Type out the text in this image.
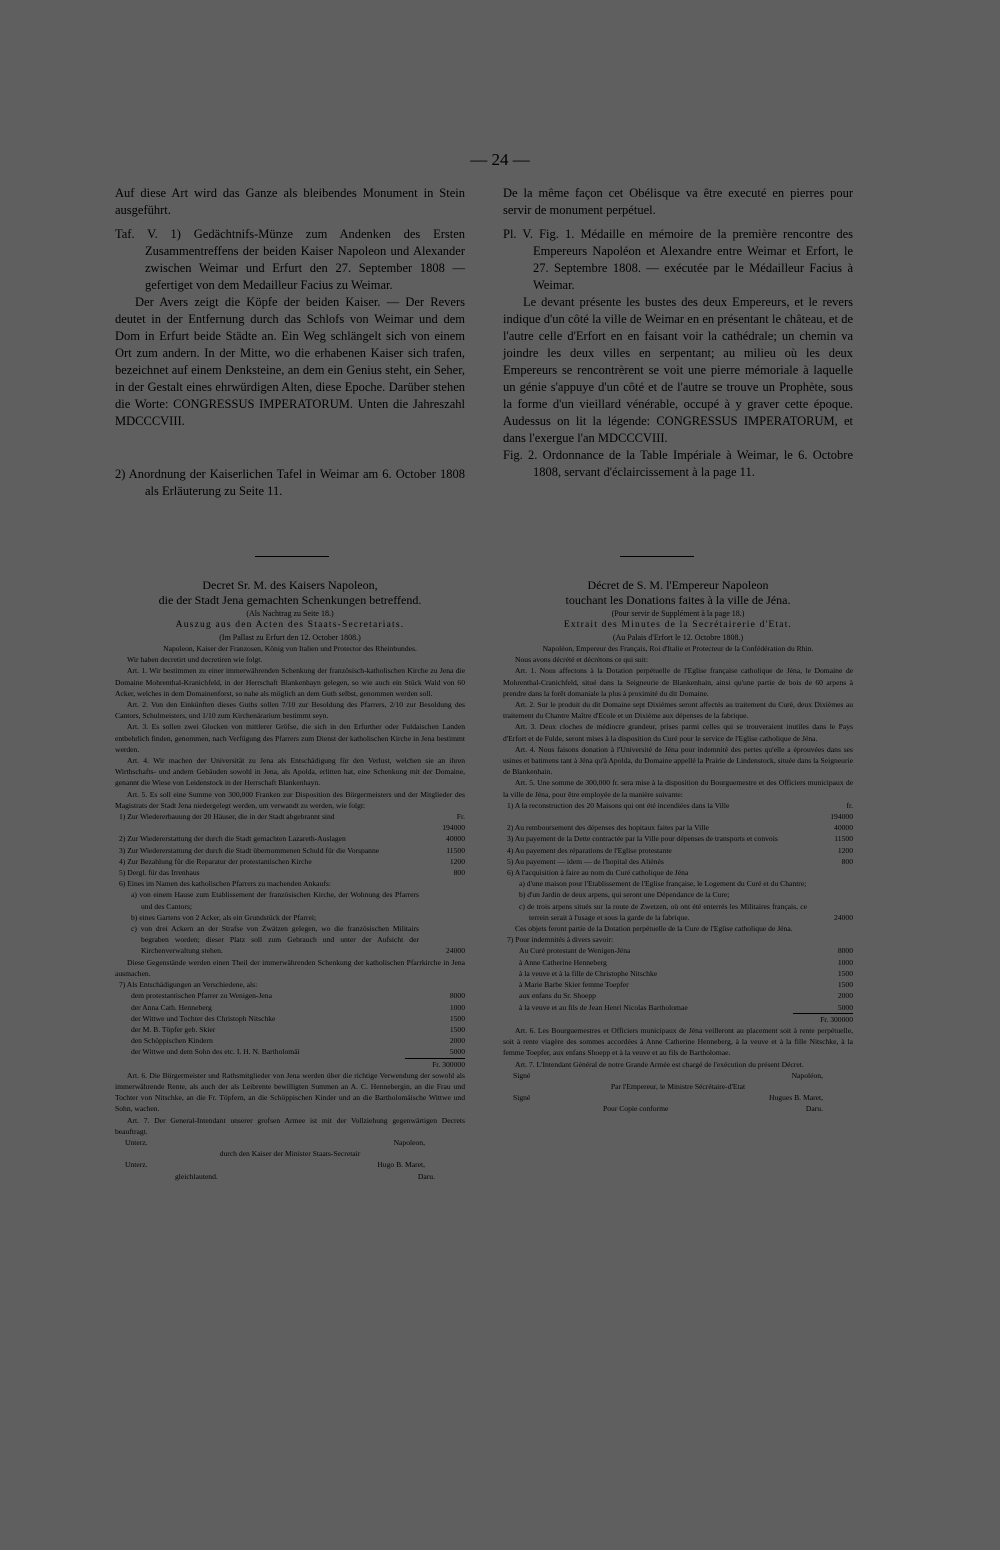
— 24 —

Auf diese Art wird das Ganze als bleibendes Monument in Stein ausgeführt.

Taf. V. 1) Gedächtnifs-Münze zum Andenken des Ersten Zusammentreffens der beiden Kaiser Napoleon und Alexander zwischen Weimar und Erfurt den 27. September 1808 — gefertiget von dem Medailleur Facius zu Weimar.

Der Avers zeigt die Köpfe der beiden Kaiser. — Der Revers deutet in der Entfernung durch das Schlofs von Weimar und dem Dom in Erfurt beide Städte an. Ein Weg schlängelt sich von einem Ort zum andern. In der Mitte, wo die erhabenen Kaiser sich trafen, bezeichnet auf einem Denksteine, an dem ein Genius steht, ein Seher, in der Gestalt eines ehrwürdigen Alten, diese Epoche. Darüber stehen die Worte: CONGRESSUS IMPERATORUM. Unten die Jahreszahl MDCCCVIII.

2) Anordnung der Kaiserlichen Tafel in Weimar am 6. October 1808 als Erläuterung zu Seite 11.

De la même façon cet Obélisque va être executé en pierres pour servir de monument perpétuel.

Pl. V. Fig. 1. Médaille en mémoire de la première rencontre des Empereurs Napoléon et Alexandre entre Weimar et Erfort, le 27. Septembre 1808. — exécutée par le Médailleur Facius à Weimar.

Le devant présente les bustes des deux Empereurs, et le revers indique d'un côté la ville de Weimar en en présentant le château, et de l'autre celle d'Erfort en en faisant voir la cathédrale; un chemin va joindre les deux villes en serpentant; au milieu où les deux Empereurs se rencontrèrent se voit une pierre mémoriale à laquelle un génie s'appuye d'un côté et de l'autre se trouve un Prophète, sous la forme d'un vieillard vénérable, occupé à y graver cette époque. Audessus on lit la légende: CONGRESSUS IMPERATORUM, et dans l'exergue l'an MDCCCVIII.

Fig. 2. Ordonnance de la Table Impériale à Weimar, le 6. Octobre 1808, servant d'éclaircissement à la page 11.

Decret Sr. M. des Kaisers Napoleon,
die der Stadt Jena gemachten Schenkungen betreffend.
(Als Nachtrag zu Seite 18.)
Auszug aus den Acten des Staats-Secretariats.
(Im Pallast zu Erfurt den 12. October 1808.)

Napoleon, Kaiser der Franzosen, König von Italien und Protector des Rheinbundes.

Wir haben decretirt und decretiren wie folgt.

Art. 1. Wir bestimmen zu einer immerwährenden Schenkung der französisch-katholischen Kirche zu Jena die Domaine Mohrenthal-Kranichfeld, in der Herrschaft Blankenhayn gelegen, so wie auch ein Stück Wald von 60 Acker, welches in dem Domainenforst, so nahe als möglich an dem Guth selbst, genommen werden soll.

Art. 2. Von den Einkünften dieses Guths sollen 7/10 zur Besoldung des Pfarrers, 2/10 zur Besoldung des Cantors, Schulmeisters, und 1/10 zum Kirchenärarium bestimmt seyn.

Art. 3. Es sollen zwei Glocken von mittlerer Gröfse, die sich in den Erfurther oder Fuldaischen Landen entbehrlich finden, genommen, nach Verfügung des Pfarrers zum Dienst der katholischen Kirche in Jena bestimmt werden.

Art. 4. Wir machen der Universität zu Jena als Entschädigung für den Verlust, welchen sie an ihren Wirthschafts- und andern Gebäuden sowohl in Jena, als Apolda, erlitten hat, eine Schenkung mit der Domaine, genannt die Wiese von Leidenstock in der Herrschaft Blankenhayn.

Art. 5. Es soll eine Summe von 300,000 Franken zur Disposition des Bürgermeisters und der Mitglieder des Magistrats der Stadt Jena niedergelegt werden, um verwandt zu werden, wie folgt:

1) Zur Wiedererbauung der 20 Häuser, die in der Stadt abgebrannt sind	Fr.
194000
2) Zur Wiedererstattung der durch die Stadt gemachten Lazareth-Auslagen	40000
3) Zur Wiedererstattung der durch die Stadt übernommenen Schuld für die Vorspanne	11500
4) Zur Bezahlung für die Reparatur der protestantischen Kirche	1200
5) Dergl. für das Irrenhaus	800
6) Eines im Namen des katholischen Pfarrers zu machenden Ankaufs:

a) von einem Hause zum Etablissement der französischen Kirche, der Wohnung des Pfarrers und des Cantors;

b) eines Gartens von 2 Acker, als ein Grundstück der Pfarrei;

c) von drei Ackern an der Strafse von Zwätzen gelegen, wo die französischen Militairs begraben worden; dieser Platz soll zum Gebrauch und unter der Aufsicht der Kirchenverwaltung stehen.	24000

Diese Gegenstände werden einen Theil der immerwährenden Schenkung der katholischen Pfarrkirche in Jena ausmachen.

7) Als Entschädigungen an Verschiedene, als:

dem protestantischen Pfarrer zu Wenigen-Jena	8000
der Anna Cath. Henneberg	1000
der Wittwe und Tochter des Christoph Nitschke	1500
der M. B. Töpfer geb. Skier	1500
den Schöppischen Kindern	2000
der Wittwe und dem Sohn des etc. I. H. N. Bartholomäi	5000
Fr. 300000

Art. 6. Die Bürgermeister und Rathsmitglieder von Jena werden über die richtige Verwendung der sowohl als immerwährende Rente, als auch der als Leibrente bewilligten Summen an A. C. Hennebergin, an die Frau und Tochter von Nitschke, an die Fr. Töpfern, an die Schöppischen Kinder und an die Bartholomäische Wittwe und Sohn, wachen.

Art. 7. Der General-Intendant unserer grofsen Armee ist mit der Vollziehung gegenwärtigen Decrets beauftragt.

Unterz.	Napoleon,
durch den Kaiser der Minister Staats-Secretair
Unterz.	Hugo B. Maret,
gleichlautend.	Daru.
Décret de S. M. l'Empereur Napoleon
touchant les Donations faites à la ville de Jéna.
(Pour servir de Supplément à la page 18.)
Extrait des Minutes de la Secrétairerie d'Etat.
(Au Palais d'Erfort le 12. Octobre 1808.)

Napoléon, Empereur des Français, Roi d'Italie et Protecteur de la Confédération du Rhin.

Nous avons décrété et décrétons ce qui suit:

Art. 1. Nous affectons à la Dotation perpétuelle de l'Eglise française catholique de Jéna, le Domaine de Mohrenthal-Cranichfeld, situé dans la Seigneurie de Blankenhain, ainsi qu'une partie de bois de 60 arpens à prendre dans la forêt domaniale la plus à proximité du dit Domaine.

Art. 2. Sur le produit du dit Domaine sept Dixièmes seront affectés au traitement du Curé, deux Dixièmes au traitement du Chantre Maître d'Ecole et un Dixième aux dépenses de la fabrique.

Art. 3. Deux cloches de médiocre grandeur, prises parmi celles qui se trouveraient inutiles dans le Pays d'Erfort et de Fulde, seront mises à la disposition du Curé pour le service de l'Eglise catholique de Jéna.

Art. 4. Nous faisons donation à l'Université de Jéna pour indemnité des pertes qu'elle a éprouvées dans ses usines et batimens tant à Jéna qu'à Apolda, du Domaine appellé la Prairie de Lindenstock, située dans la Seigneurie de Blankenhain.

Art. 5. Une somme de 300,000 fr. sera mise à la disposition du Bourguemestre et des Officiers municipaux de la ville de Jéna, pour être employée de la manière suivante:

1) A la reconstruction des 20 Maisons qui ont été incendiées dans la Ville	fr.
194000
2) Au remboursement des dépenses des hopitaux faites par la Ville	40000
3) Au payement de la Dette contractée par la Ville pour dépenses de transports et convois	11500
4) Au payement des réparations de l'Eglise protestante	1200
5) Au payement — idem — de l'hopital des Aliénés	800
6) A l'acquisition à faire au nom du Curé catholique de Jéna

a) d'une maison pour l'Etablissement de l'Eglise française, le Logement du Curé et du Chantre;

b) d'un Jardin de deux arpens, qui seront une Dépendance de la Cure;

c) de trois arpens situés sur la route de Zwetzen, où ont été enterrés les Militaires français, ce terrein serait à l'usage et sous la garde de la fabrique.	24000

Ces objets feront partie de la Dotation perpétuelle de la Cure de l'Eglise catholique de Jéna.

7) Pour indemnités à divers savoir:

Au Curé protestant de Wenigen-Jéna	8000
à Anne Catherine Henneberg	1000
à la veuve et à la fille de Christophe Nitschke	1500
à Marie Barbe Skier femme Toepfer	1500
aux enfans du Sr. Shoepp	2000
à la veuve et au fils de Jean Henri Nicolas Bartholomae	5000
Fr. 300000

Art. 6. Les Bourguemestres et Officiers municipaux de Jéna veilleront au placement soit à rente perpétuelle, soit à rente viagère des sommes accordées à Anne Catherine Henneberg, à la veuve et à la fille Nitschke, à la femme Toepfer, aux enfans Shoepp et à la veuve et au fils de Bartholomae.

Art. 7. L'Intendant Général de notre Grande Armée est chargé de l'exécution du présent Décret.

Signé	Napoléon,
Par l'Empereur, le Ministre Sécrétaire-d'Etat
Signé	Hugues B. Maret,
Pour Copie conforme	Daru.
